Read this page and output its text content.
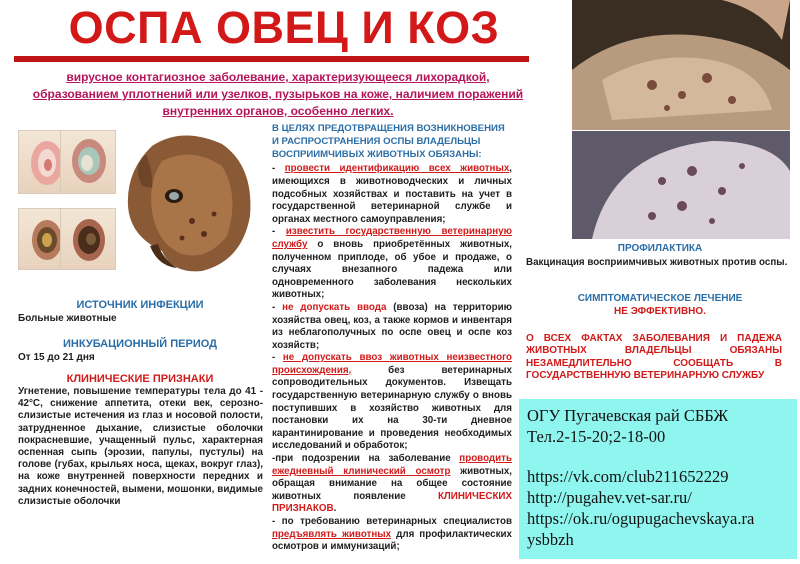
ОСПА ОВЕЦ И КОЗ
вирусное контагиозное заболевание, характеризующееся лихорадкой, образованием уплотнений или узелков, пузырьков на коже, наличием поражений внутренних органов, особенно легких.
ИСТОЧНИК ИНФЕКЦИИ
Больные животные
ИНКУБАЦИОННЫЙ ПЕРИОД
От 15 до 21 дня
КЛИНИЧЕСКИЕ ПРИЗНАКИ
Угнетение, повышение температуры тела до 41 - 42°С, снижение аппетита, отеки век, серозно-слизистые истечения из глаз и носовой полости, затрудненное дыхание, слизистые оболочки покрасневшие, учащенный пульс, характерная оспенная сыпь (эрозии, папулы, пустулы) на голове (губах, крыльях носа, щеках, вокруг глаз), на коже внутренней поверхности передних и задних конечностей, вымени, мошонки, видимые слизистые оболочки
В ЦЕЛЯХ ПРЕДОТВРАЩЕНИЯ ВОЗНИКНОВЕНИЯ И РАСПРОСТРАНЕНИЯ ОСПЫ ВЛАДЕЛЬЦЫ ВОСПРИИМЧИВЫХ ЖИВОТНЫХ ОБЯЗАНЫ:
- провести идентификацию всех животных, имеющихся в животноводческих и личных подсобных хозяйствах и поставить на учет в государственной ветеринарной службе и органах местного самоуправления;
- известить государственную ветеринарную службу о вновь приобретённых животных, полученном приплоде, об убое и продаже, о случаях внезапного падежа или одновременного заболевания нескольких животных;
- не допускать ввода (ввоза) на территорию хозяйства овец, коз, а также кормов и инвентаря из неблагополучных по оспе овец и оспе коз хозяйств;
- не допускать ввоз животных неизвестного происхождения, без ветеринарных сопроводительных документов. Извещать государственную ветеринарную службу о вновь поступивших в хозяйство животных для постановки их на 30-ти дневное карантинирование и проведения необходимых исследований и обработок;
-при подозрении на заболевание проводить ежедневный клинический осмотр животных, обращая внимание на общее состояние животных появление КЛИНИЧЕСКИХ ПРИЗНАКОВ.
- по требованию ветеринарных специалистов предъявлять животных для профилактических осмотров и иммунизаций;
ПРОФИЛАКТИКА
Вакцинация восприимчивых животных против оспы.
СИМПТОМАТИЧЕСКОЕ ЛЕЧЕНИЕ
НЕ ЭФФЕКТИВНО.
О ВСЕХ ФАКТАХ ЗАБОЛЕВАНИЯ И ПАДЕЖА ЖИВОТНЫХ ВЛАДЕЛЬЦЫ ОБЯЗАНЫ НЕЗАМЕДЛИТЕЛЬНО СООБЩАТЬ В ГОСУДАРСТВЕННУЮ ВЕТЕРИНАРНУЮ СЛУЖБУ
ОГУ Пугачевская рай СББЖ
Тел.2-15-20;2-18-00
https://vk.com/club211652229
http://pugahev.vet-sar.ru/
https://ok.ru/ogupugachevskaya.ra
ysbbzh
